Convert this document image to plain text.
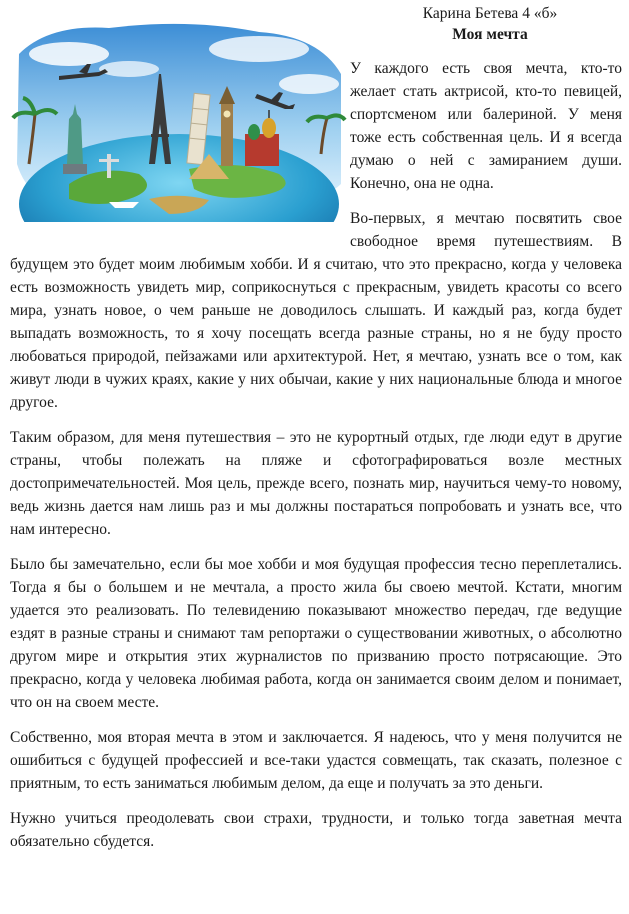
Карина Бетева 4 «б»
Моя мечта

У каждого есть своя мечта, кто-то желает стать актрисой, кто-то певицей, спортсменом или балериной. У меня тоже есть собственная цель. И я всегда думаю о ней с замиранием души. Конечно, она не одна.

Во-первых, я мечтаю посвятить свое свободное время путешествиям. В будущем это будет моим любимым хобби. И я считаю, что это прекрасно, когда у человека есть возможность увидеть мир, соприкоснуться с прекрасным, увидеть красоты со всего мира, узнать новое, о чем раньше не доводилось слышать. И каждый раз, когда будет выпадать возможность, то я хочу посещать всегда разные страны, но я не буду просто любоваться природой, пейзажами или архитектурой. Нет, я мечтаю, узнать все о том, как живут люди в чужих краях, какие у них обычаи, какие у них национальные блюда и многое другое.

Таким образом, для меня путешествия – это не курортный отдых, где люди едут в другие страны, чтобы полежать на пляже и сфотографироваться возле местных достопримечательностей. Моя цель, прежде всего, познать мир, научиться чему-то новому, ведь жизнь дается нам лишь раз и мы должны постараться попробовать и узнать все, что нам интересно.

Было бы замечательно, если бы мое хобби и моя будущая профессия тесно переплетались. Тогда я бы о большем и не мечтала, а просто жила бы своею мечтой. Кстати, многим удается это реализовать. По телевидению показывают множество передач, где ведущие ездят в разные страны и снимают там репортажи о существовании животных, о абсолютно другом мире и открытия этих журналистов по призванию просто потрясающие. Это прекрасно, когда у человека любимая работа, когда он занимается своим делом и понимает, что он на своем месте.

Собственно, моя вторая мечта в этом и заключается. Я надеюсь, что у меня получится не ошибиться с будущей профессией и все-таки удастся совмещать, так сказать, полезное с приятным, то есть заниматься любимым делом, да еще и получать за это деньги.

Нужно учиться преодолевать свои страхи, трудности, и только тогда заветная мечта обязательно сбудется.
